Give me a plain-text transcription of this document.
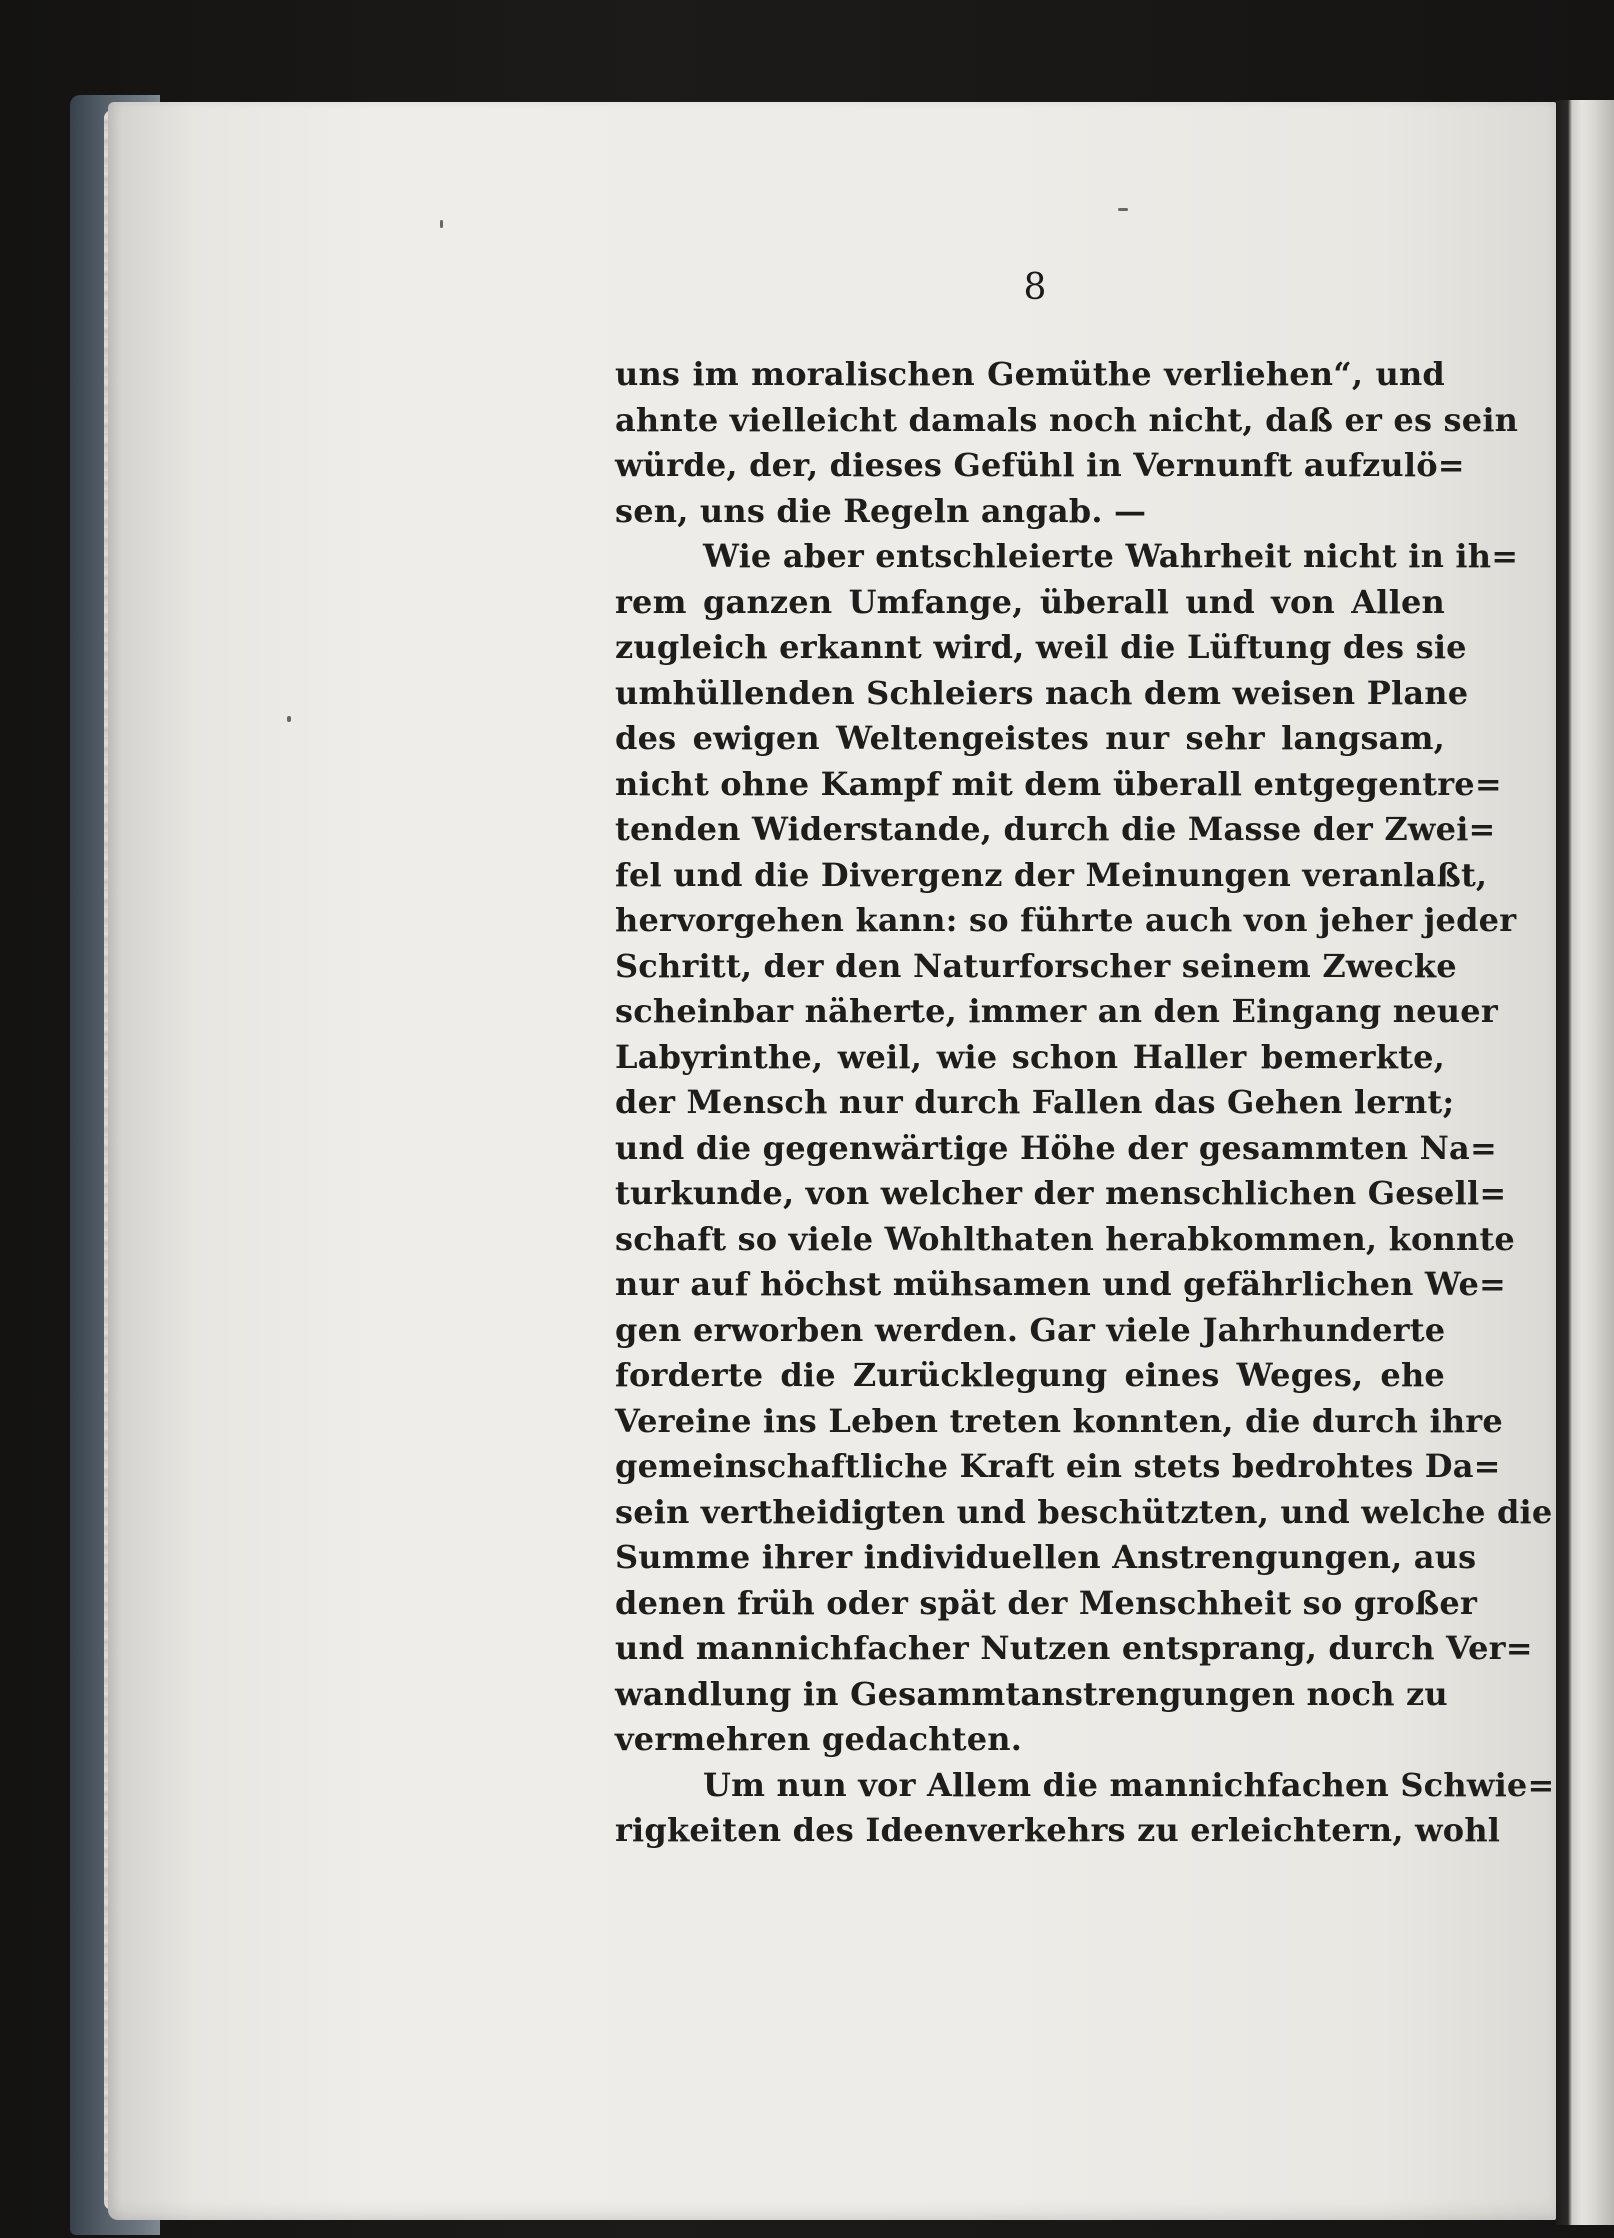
8
uns im moralischen Gemüthe verliehen“, und
ahnte vielleicht damals noch nicht, daß er es sein
würde, der, dieses Gefühl in Vernunft aufzulö=
sen, uns die Regeln angab. —
Wie aber entschleierte Wahrheit nicht in ih=
rem ganzen Umfange, überall und von Allen
zugleich erkannt wird, weil die Lüftung des sie
umhüllenden Schleiers nach dem weisen Plane
des ewigen Weltengeistes nur sehr langsam,
nicht ohne Kampf mit dem überall entgegentre=
tenden Widerstande, durch die Masse der Zwei=
fel und die Divergenz der Meinungen veranlaßt,
hervorgehen kann: so führte auch von jeher jeder
Schritt, der den Naturforscher seinem Zwecke
scheinbar näherte, immer an den Eingang neuer
Labyrinthe, weil, wie schon Haller bemerkte,
der Mensch nur durch Fallen das Gehen lernt;
und die gegenwärtige Höhe der gesammten Na=
turkunde, von welcher der menschlichen Gesell=
schaft so viele Wohlthaten herabkommen, konnte
nur auf höchst mühsamen und gefährlichen We=
gen erworben werden. Gar viele Jahrhunderte
forderte die Zurücklegung eines Weges, ehe
Vereine ins Leben treten konnten, die durch ihre
gemeinschaftliche Kraft ein stets bedrohtes Da=
sein vertheidigten und beschützten, und welche die
Summe ihrer individuellen Anstrengungen, aus
denen früh oder spät der Menschheit so großer
und mannichfacher Nutzen entsprang, durch Ver=
wandlung in Gesammtanstrengungen noch zu
vermehren gedachten.
Um nun vor Allem die mannichfachen Schwie=
rigkeiten des Ideenverkehrs zu erleichtern, wohl
